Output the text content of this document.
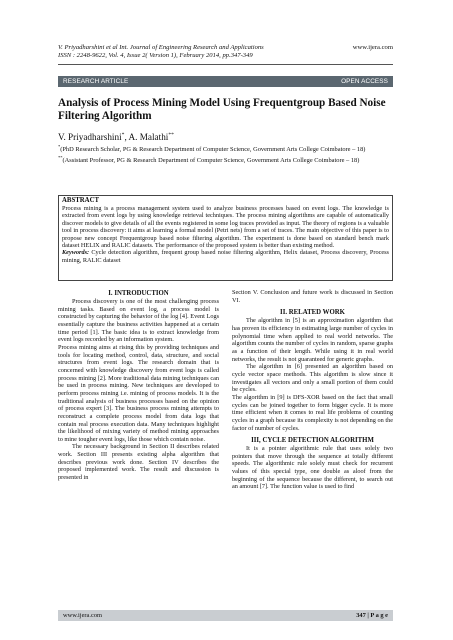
V. Priyadharshini et al Int. Journal of Engineering Research and Applications	www.ijera.com
ISSN : 2248-9622, Vol. 4, Issue 2( Version 1), February 2014, pp.347-349
RESEARCH ARTICLE	OPEN ACCESS
Analysis of Process Mining Model Using Frequentgroup Based Noise Filtering Algorithm
V. Priyadharshini*, A. Malathi**
*(PhD Research Scholar, PG & Research Department of Computer Science, Government Arts College Coimbatore – 18)
**(Assistant Professor, PG & Research Department of Computer Science, Government Arts College Coimbatore – 18)
ABSTRACT

Process mining is a process management system used to analyze business processes based on event logs. The knowledge is extracted from event logs by using knowledge retrieval techniques. The process mining algorithms are capable of automatically discover models to give details of all the events registered in some log traces provided as input. The theory of regions is a valuable tool in process discovery: it aims at learning a formal model (Petri nets) from a set of traces. The main objective of this paper is to propose new concept Frequentgroup based noise filtering algorithm. The experiment is done based on standard bench mark dataset HELIX and RALIC datasets. The performance of the proposed system is better than existing method.

Keywords: Cycle detection algorithm, frequent group based noise filtering algorithm, Helix dataset, Process discovery, Process mining, RALIC dataset

I. INTRODUCTION

Process discovery is one of the most challenging process mining tasks. Based on event log, a process model is constructed by capturing the behavior of the log [4]. Event Logs essentially capture the business activities happened at a certain time period [1]. The basic idea is to extract knowledge from event logs recorded by an information system.

Process mining aims at rising this by providing techniques and tools for locating method, control, data, structure, and social structures from event logs. The research domain that is concerned with knowledge discovery from event logs is called process mining [2]. More traditional data mining techniques can be used in process mining. New techniques are developed to perform process mining i.e. mining of process models. It is the traditional analysis of business processes based on the opinion of process expert [3]. The business process mining attempts to reconstruct a complete process model from data logs that contain real process execution data. Many techniques highlight the likelihood of mixing variety of method mining approaches to mine tougher event logs, like those which contain noise.

The necessary background in Section II describes related work. Section III presents existing alpha algorithm that describes previous work done. Section IV describes the proposed implemented work. The result and discussion is presented in

Section V. Conclusion and future work is discussed in Section VI.

II. RELATED WORK

The algorithm in [5] is an approximation algorithm that has proven its efficiency in estimating large number of cycles in polynomial time when applied to real world networks. The algorithm counts the number of cycles in random, sparse graphs as a function of their length. While using it in real world networks, the result is not guaranteed for generic graphs.

The algorithm in [6] presented an algorithm based on cycle vector space methods. This algorithm is slow since it investigates all vectors and only a small portion of them could be cycles.

The algorithm in [9] is DFS-XOR based on the fact that small cycles can be joined together to form bigger cycle. It is more time efficient when it comes to real life problems of counting cycles in a graph because its complexity is not depending on the factor of number of cycles.

III, CYCLE DETECTION ALGORITHM

It is a pointer algorithmic rule that uses solely two pointers that move through the sequence at totally different speeds. The algorithmic rule solely must check for recurrent values of this special type, one double as aloof from the beginning of the sequence because the different, to search out an amount [7]. The function value is used to find

www.ijera.com	347 | P a g e
